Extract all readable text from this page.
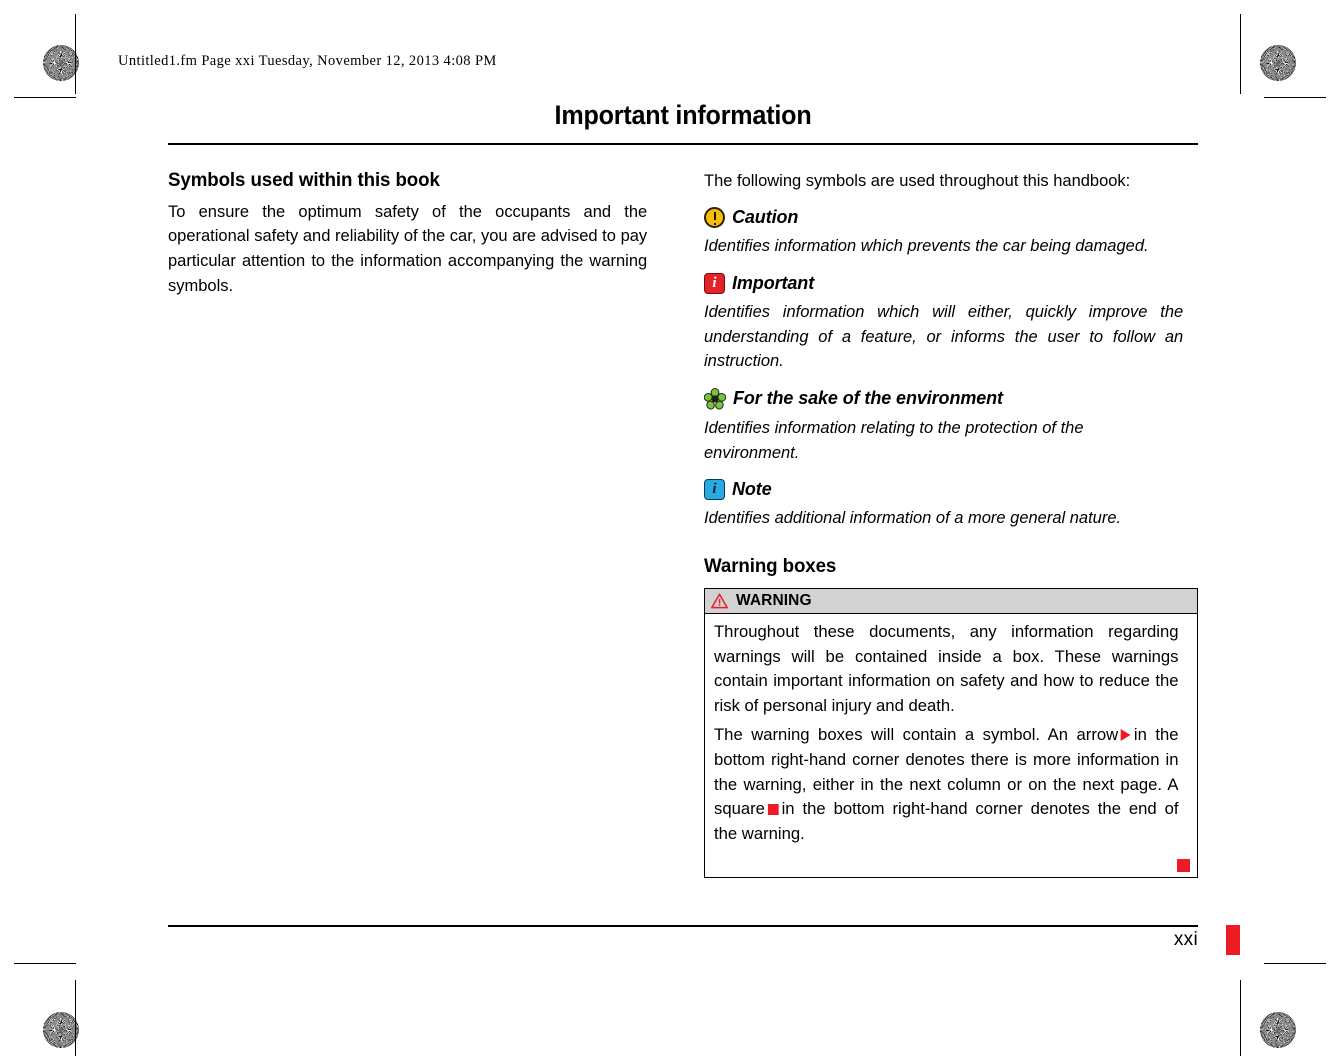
Untitled1.fm Page xxi Tuesday, November 12, 2013 4:08 PM
Important information
Symbols used within this book

To ensure the optimum safety of the occupants and the operational safety and reliability of the car, you are advised to pay particular attention to the information accompanying the warning symbols.

The following symbols are used throughout this handbook:

Caution

Identifies information which prevents the car being damaged.

i Important

Identifies information which will either, quickly improve the understanding of a feature, or informs the user to follow an instruction.

For the sake of the environment

Identifies information relating to the protection of the environment.

i Note

Identifies additional information of a more general nature.

Warning boxes
WARNING

Throughout these documents, any information regarding warnings will be contained inside a box. These warnings contain important information on safety and how to reduce the risk of personal injury and death.

The warning boxes will contain a symbol. An arrow in the bottom right-hand corner denotes there is more information in the warning, either in the next column or on the next page. A square in the bottom right-hand corner denotes the end of the warning.

xxi
